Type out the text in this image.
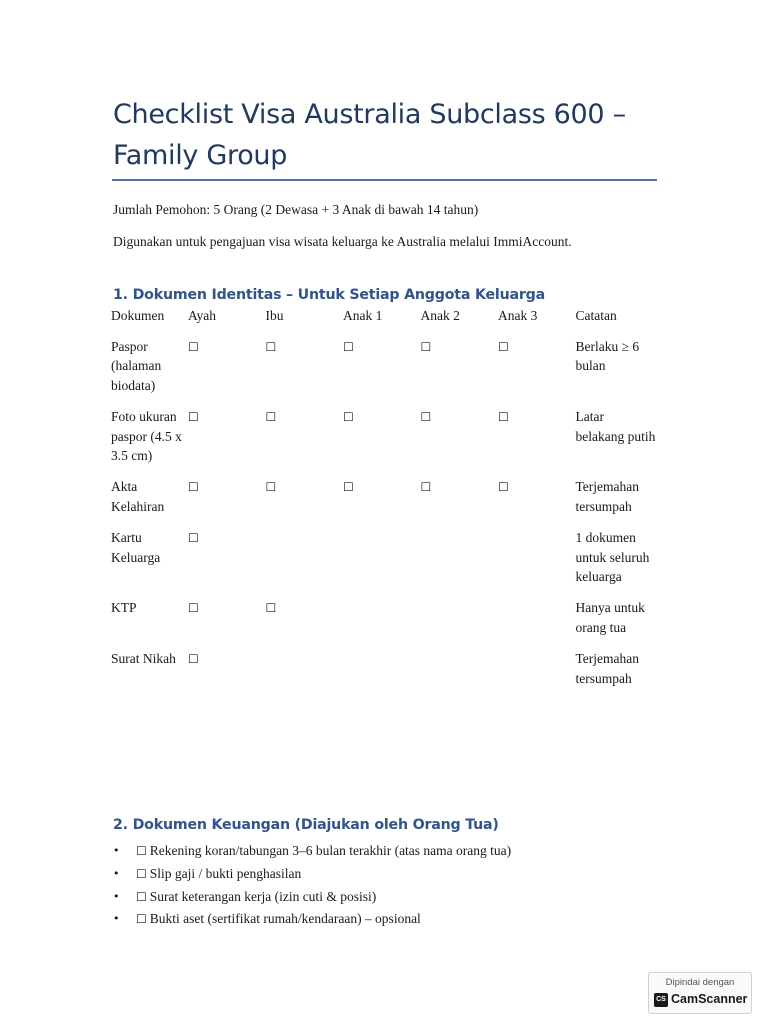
Checklist Visa Australia Subclass 600 – Family Group
Jumlah Pemohon: 5 Orang (2 Dewasa + 3 Anak di bawah 14 tahun)
Digunakan untuk pengajuan visa wisata keluarga ke Australia melalui ImmiAccount.
1. Dokumen Identitas – Untuk Setiap Anggota Keluarga
Dokumen	Ayah	Ibu	Anak 1	Anak 2	Anak 3	Catatan
Paspor (halaman biodata)	☐	☐	☐	☐	☐	Berlaku ≥ 6 bulan
Foto ukuran paspor (4.5 x 3.5 cm)	☐	☐	☐	☐	☐	Latar belakang putih
Akta Kelahiran	☐	☐	☐	☐	☐	Terjemahan tersumpah
Kartu Keluarga	☐					1 dokumen untuk seluruh keluarga
KTP	☐	☐				Hanya untuk orang tua
Surat Nikah	☐					Terjemahan tersumpah
2. Dokumen Keuangan (Diajukan oleh Orang Tua)
• ☐ Rekening koran/tabungan 3–6 bulan terakhir (atas nama orang tua)
• ☐ Slip gaji / bukti penghasilan
• ☐ Surat keterangan kerja (izin cuti & posisi)
• ☐ Bukti aset (sertifikat rumah/kendaraan) – opsional
Dipindai dengan
CS CamScanner
